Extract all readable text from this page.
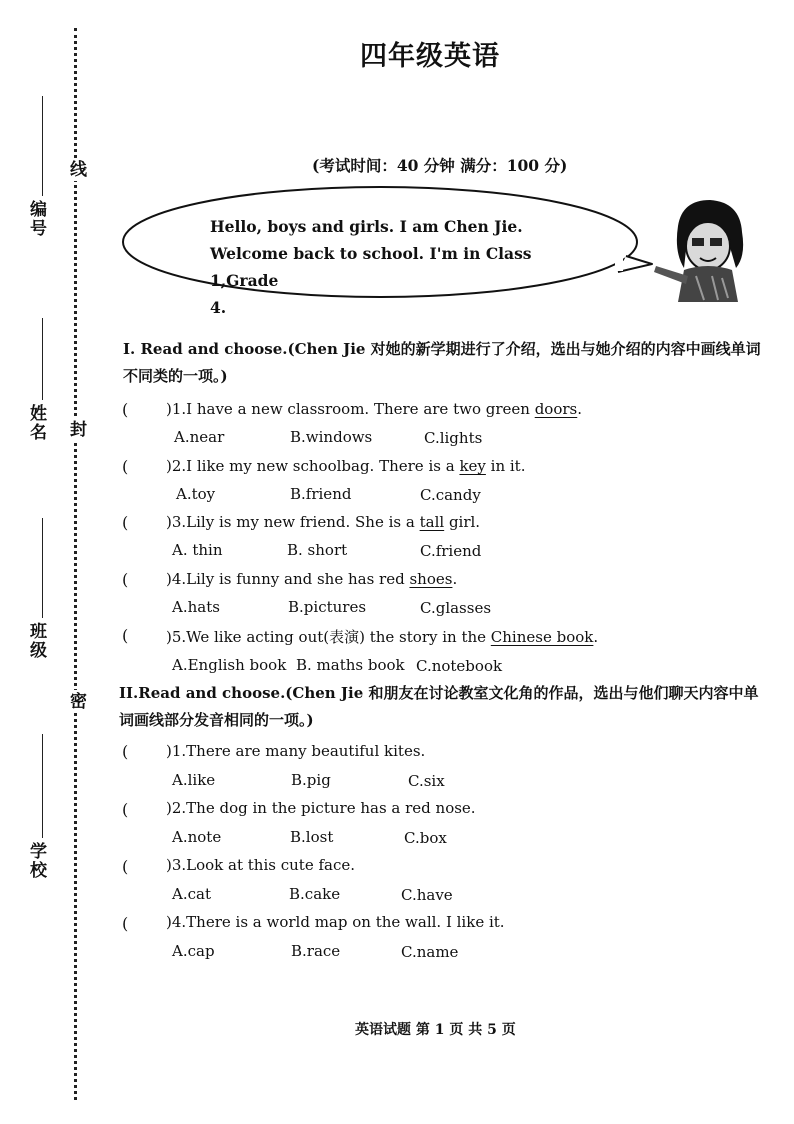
线
封
密
编号
姓名
班级
学校
四年级英语
(考试时间：40 分钟 满分：100 分)
Hello, boys and girls. I am Chen Jie.
Welcome back to school. I'm in Class 1,Grade
4.
I. Read and choose.(Chen Jie 对她的新学期进行了介绍，选出与她介绍的内容中画线单词不同类的一项。)
(	)1.I have a new classroom. There are two green doors.
A.near	B.windows	C.lights
(	)2.I like my new schoolbag. There is a key in it.
A.toy	B.friend	C.candy
(	)3.Lily is my new friend. She is a tall girl.
A. thin	B. short	C.friend
(	)4.Lily is funny and she has red shoes.
A.hats	B.pictures	C.glasses
(	)5.We like acting out(表演) the story in the Chinese book.
A.English book B. maths book C.notebook
II.Read and choose.(Chen Jie 和朋友在讨论教室文化角的作品，选出与他们聊天内容中单词画线部分发音相同的一项。)
(	)1.There are many beautiful kites.
A.like	B.pig	C.six
(	)2.The dog in the picture has a red nose.
A.note	B.lost	C.box
(	)3.Look at this cute face.
A.cat	B.cake	C.have
(	)4.There is a world map on the wall. I like it.
A.cap	B.race	C.name
英语试题 第 1 页 共 5 页
